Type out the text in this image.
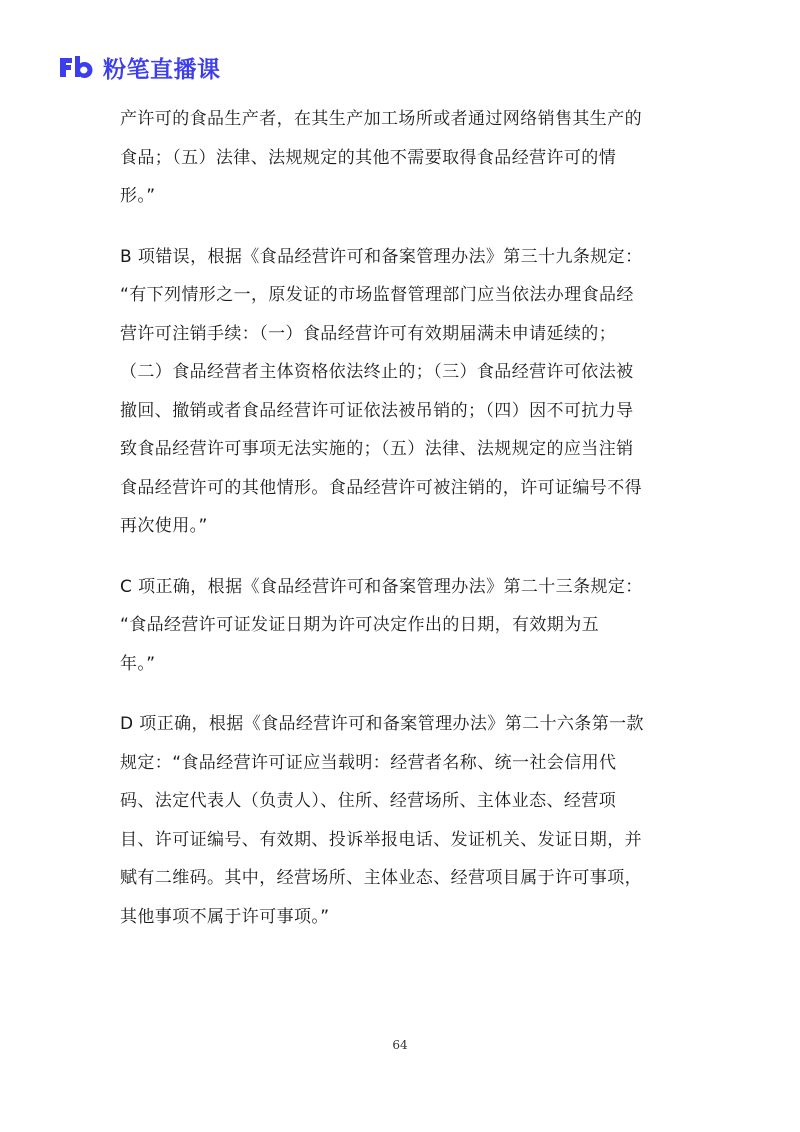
粉笔直播课
产许可的食品生产者，在其生产加工场所或者通过网络销售其生产的
食品；（五）法律、法规规定的其他不需要取得食品经营许可的情
形。”
B 项错误，根据《食品经营许可和备案管理办法》第三十九条规定：
“有下列情形之一，原发证的市场监督管理部门应当依法办理食品经
营许可注销手续：（一）食品经营许可有效期届满未申请延续的；
（二）食品经营者主体资格依法终止的；（三）食品经营许可依法被
撤回、撤销或者食品经营许可证依法被吊销的；（四）因不可抗力导
致食品经营许可事项无法实施的；（五）法律、法规规定的应当注销
食品经营许可的其他情形。食品经营许可被注销的，许可证编号不得
再次使用。”
C 项正确，根据《食品经营许可和备案管理办法》第二十三条规定：
“食品经营许可证发证日期为许可决定作出的日期，有效期为五
年。”
D 项正确，根据《食品经营许可和备案管理办法》第二十六条第一款
规定：“食品经营许可证应当载明：经营者名称、统一社会信用代
码、法定代表人（负责人）、住所、经营场所、主体业态、经营项
目、许可证编号、有效期、投诉举报电话、发证机关、发证日期，并
赋有二维码。其中，经营场所、主体业态、经营项目属于许可事项，
其他事项不属于许可事项。”
64
